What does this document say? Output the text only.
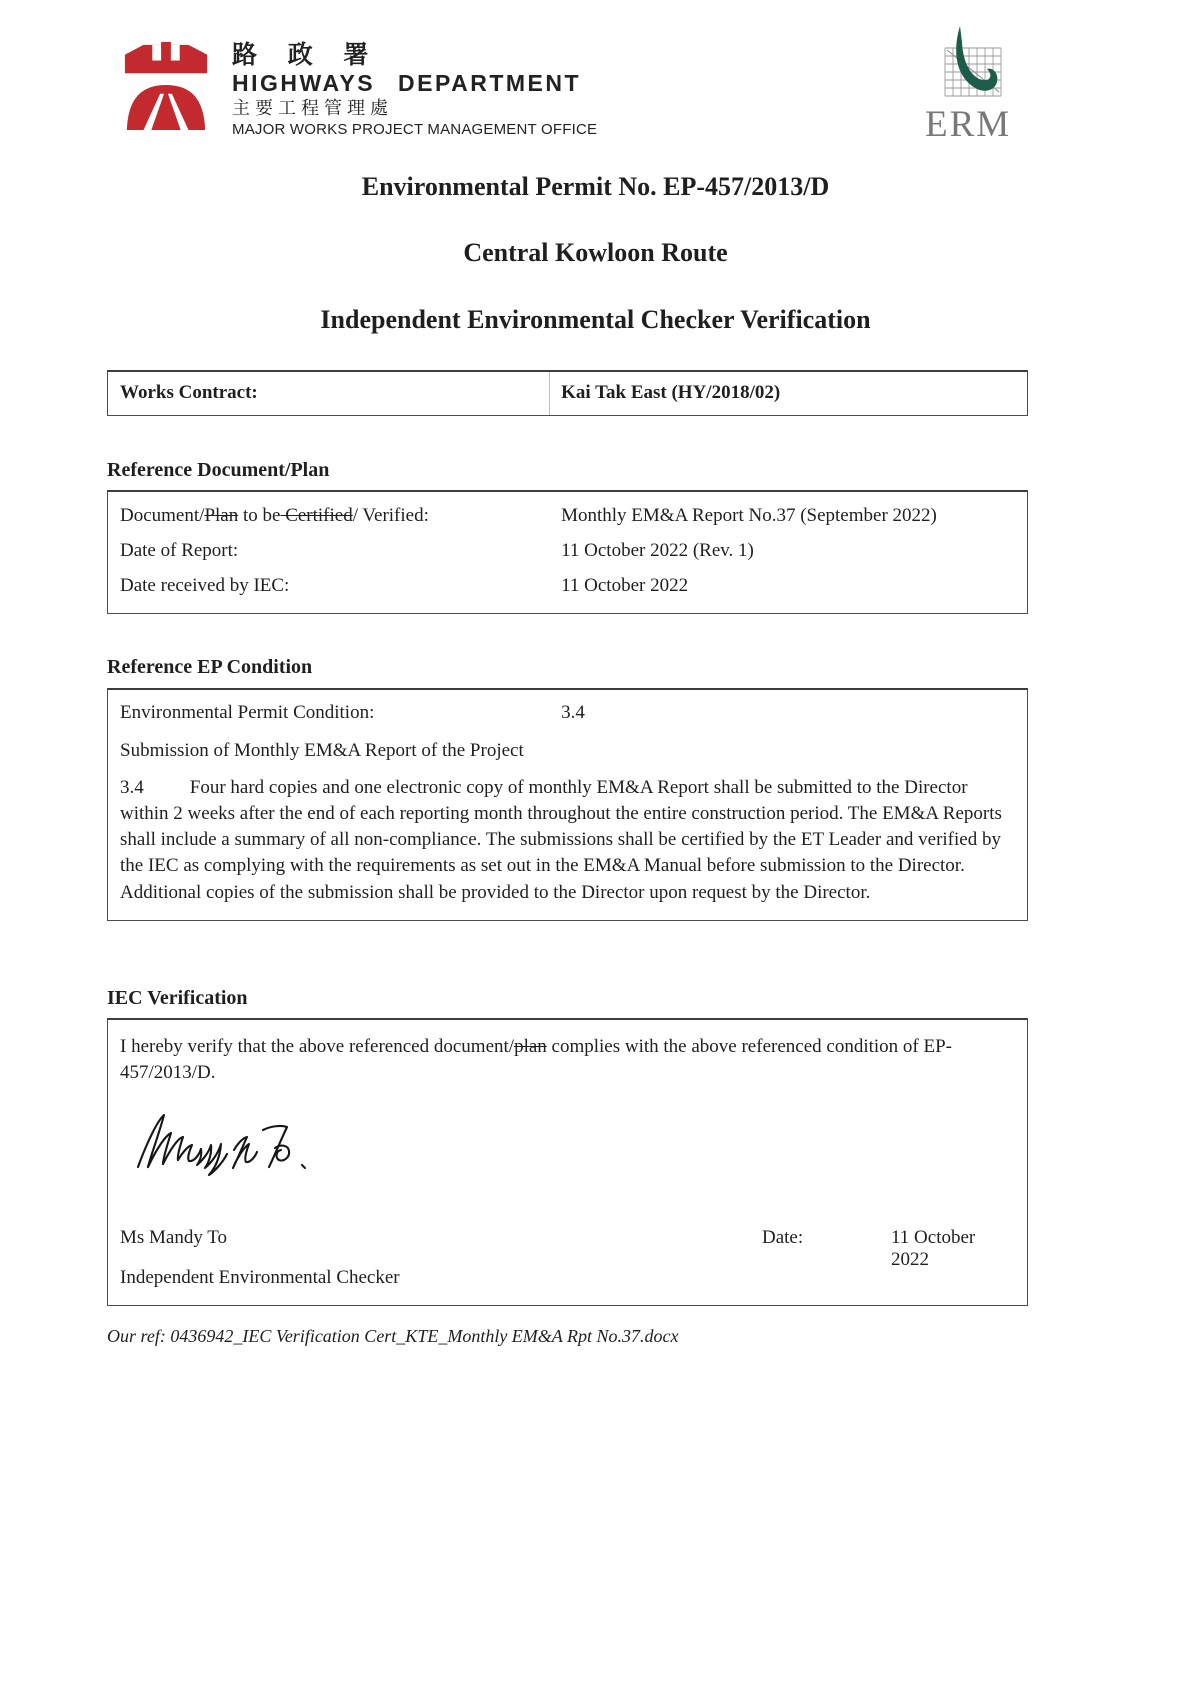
路 政 署
HIGHWAYS DEPARTMENT
主要工程管理處
MAJOR WORKS PROJECT MANAGEMENT OFFICE	ERM
Environmental Permit No. EP-457/2013/D
Central Kowloon Route
Independent Environmental Checker Verification
Works Contract:	Kai Tak East (HY/2018/02)
Reference Document/Plan
Document/Plan to be Certified/ Verified:	Monthly EM&A Report No.37 (September 2022)
Date of Report:	11 October 2022 (Rev. 1)
Date received by IEC:	11 October 2022
Reference EP Condition
Environmental Permit Condition:	3.4
Submission of Monthly EM&A Report of the Project
3.4 Four hard copies and one electronic copy of monthly EM&A Report shall be submitted to the Director within 2 weeks after the end of each reporting month throughout the entire construction period. The EM&A Reports shall include a summary of all non-compliance. The submissions shall be certified by the ET Leader and verified by the IEC as complying with the requirements as set out in the EM&A Manual before submission to the Director. Additional copies of the submission shall be provided to the Director upon request by the Director.
IEC Verification
I hereby verify that the above referenced document/plan complies with the above referenced condition of EP-457/2013/D.
Ms Mandy To	Date:	11 October 2022
Independent Environmental Checker
Our ref: 0436942_IEC Verification Cert_KTE_Monthly EM&A Rpt No.37.docx
